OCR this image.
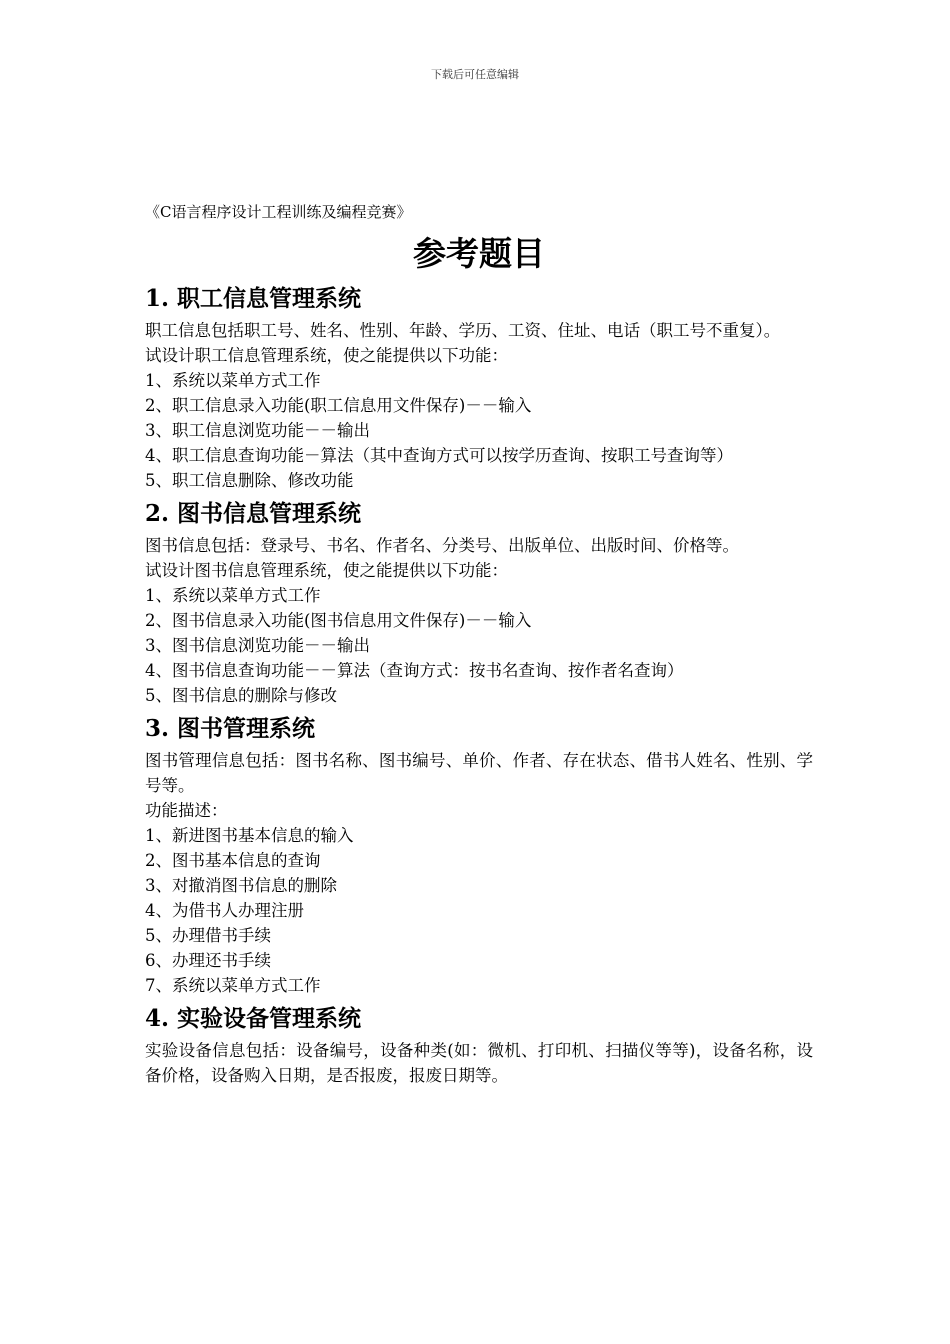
下载后可任意编辑

《C语言程序设计工程训练及编程竞赛》

参考题目
1. 职工信息管理系统

职工信息包括职工号、姓名、性别、年龄、学历、工资、住址、电话（职工号不重复）。

试设计职工信息管理系统，使之能提供以下功能：

1、系统以菜单方式工作
2、职工信息录入功能(职工信息用文件保存)－－输入
3、职工信息浏览功能－－输出
4、职工信息查询功能－算法（其中查询方式可以按学历查询、按职工号查询等）
5、职工信息删除、修改功能
2. 图书信息管理系统

图书信息包括：登录号、书名、作者名、分类号、出版单位、出版时间、价格等。

试设计图书信息管理系统，使之能提供以下功能：

1、系统以菜单方式工作
2、图书信息录入功能(图书信息用文件保存)－－输入
3、图书信息浏览功能－－输出
4、图书信息查询功能－－算法（查询方式：按书名查询、按作者名查询）
5、图书信息的删除与修改
3. 图书管理系统

图书管理信息包括：图书名称、图书编号、单价、作者、存在状态、借书人姓名、性别、学号等。

功能描述：

1、新进图书基本信息的输入
2、图书基本信息的查询
3、对撤消图书信息的删除
4、为借书人办理注册
5、办理借书手续
6、办理还书手续
7、系统以菜单方式工作
4. 实验设备管理系统

实验设备信息包括：设备编号，设备种类(如：微机、打印机、扫描仪等等)，设备名称，设备价格，设备购入日期，是否报废，报废日期等。
